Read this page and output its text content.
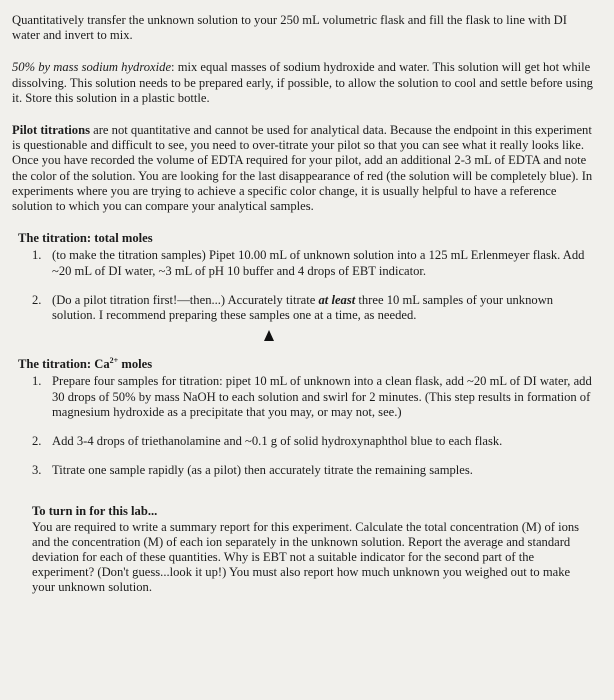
Quantitatively transfer the unknown solution to your 250 mL volumetric flask and fill the flask to line with DI water and invert to mix.

50% by mass sodium hydroxide: mix equal masses of sodium hydroxide and water. This solution will get hot while dissolving. This solution needs to be prepared early, if possible, to allow the solution to cool and settle before using it. Store this solution in a plastic bottle.

Pilot titrations are not quantitative and cannot be used for analytical data. Because the endpoint in this experiment is questionable and difficult to see, you need to over-titrate your pilot so that you can see what it really looks like. Once you have recorded the volume of EDTA required for your pilot, add an additional 2-3 mL of EDTA and note the color of the solution. You are looking for the last disappearance of red (the solution will be completely blue). In experiments where you are trying to achieve a specific color change, it is usually helpful to have a reference solution to which you can compare your analytical samples.

The titration: total moles

1. (to make the titration samples) Pipet 10.00 mL of unknown solution into a 125 mL Erlenmeyer flask. Add ~20 mL of DI water, ~3 mL of pH 10 buffer and 4 drops of EBT indicator.
2. (Do a pilot titration first!—then...) Accurately titrate at least three 10 mL samples of your unknown solution. I recommend preparing these samples one at a time, as needed.

The titration: $Ca^{2+}$ moles

1. Prepare four samples for titration: pipet 10 mL of unknown into a clean flask, add ~20 mL of DI water, add 30 drops of 50% by mass NaOH to each solution and swirl for 2 minutes. (This step results in formation of magnesium hydroxide as a precipitate that you may, or may not, see.)
2. Add 3-4 drops of triethanolamine and ~0.1 g of solid hydroxynaphthol blue to each flask.
3. Titrate one sample rapidly (as a pilot) then accurately titrate the remaining samples.

To turn in for this lab...

You are required to write a summary report for this experiment. Calculate the total concentration (M) of ions and the concentration (M) of each ion separately in the unknown solution. Report the average and standard deviation for each of these quantities. Why is EBT not a suitable indicator for the second part of the experiment? (Don't guess...look it up!) You must also report how much unknown you weighed out to make your unknown solution.
